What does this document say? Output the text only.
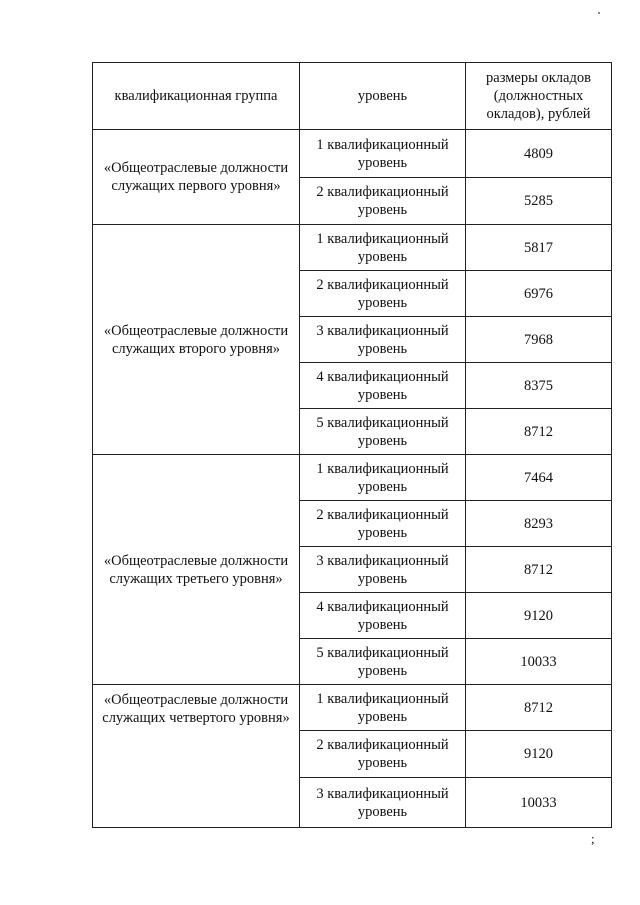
квалификационная группа	уровень	размеры окладов (должностных окладов), рублей
«Общеотраслевые должности служащих первого уровня»	1 квалификационный уровень	4809
	2 квалификационный уровень	5285
«Общеотраслевые должности служащих второго уровня»	1 квалификационный уровень	5817
	2 квалификационный уровень	6976
	3 квалификационный уровень	7968
	4 квалификационный уровень	8375
	5 квалификационный уровень	8712
«Общеотраслевые должности служащих третьего уровня»	1 квалификационный уровень	7464
	2 квалификационный уровень	8293
	3 квалификационный уровень	8712
	4 квалификационный уровень	9120
	5 квалификационный уровень	10033
«Общеотраслевые должности служащих четвертого уровня»	1 квалификационный уровень	8712
	2 квалификационный уровень	9120
	3 квалификационный уровень	10033
;
